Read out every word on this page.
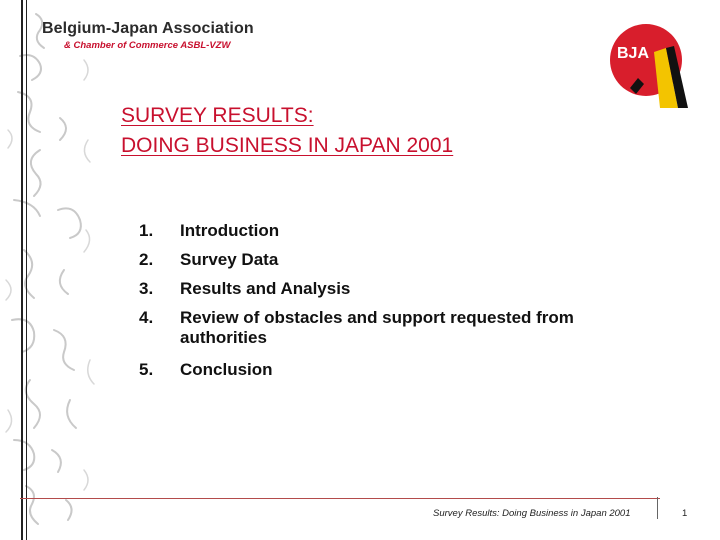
Belgium-Japan Association
& Chamber of Commerce ASBL-VZW	BJA
SURVEY RESULTS:
DOING BUSINESS IN JAPAN 2001
1.	Introduction
2.	Survey Data
3.	Results and Analysis
4.	Review of obstacles and support requested from authorities
5.	Conclusion
Survey Results: Doing Business in Japan 2001	1
